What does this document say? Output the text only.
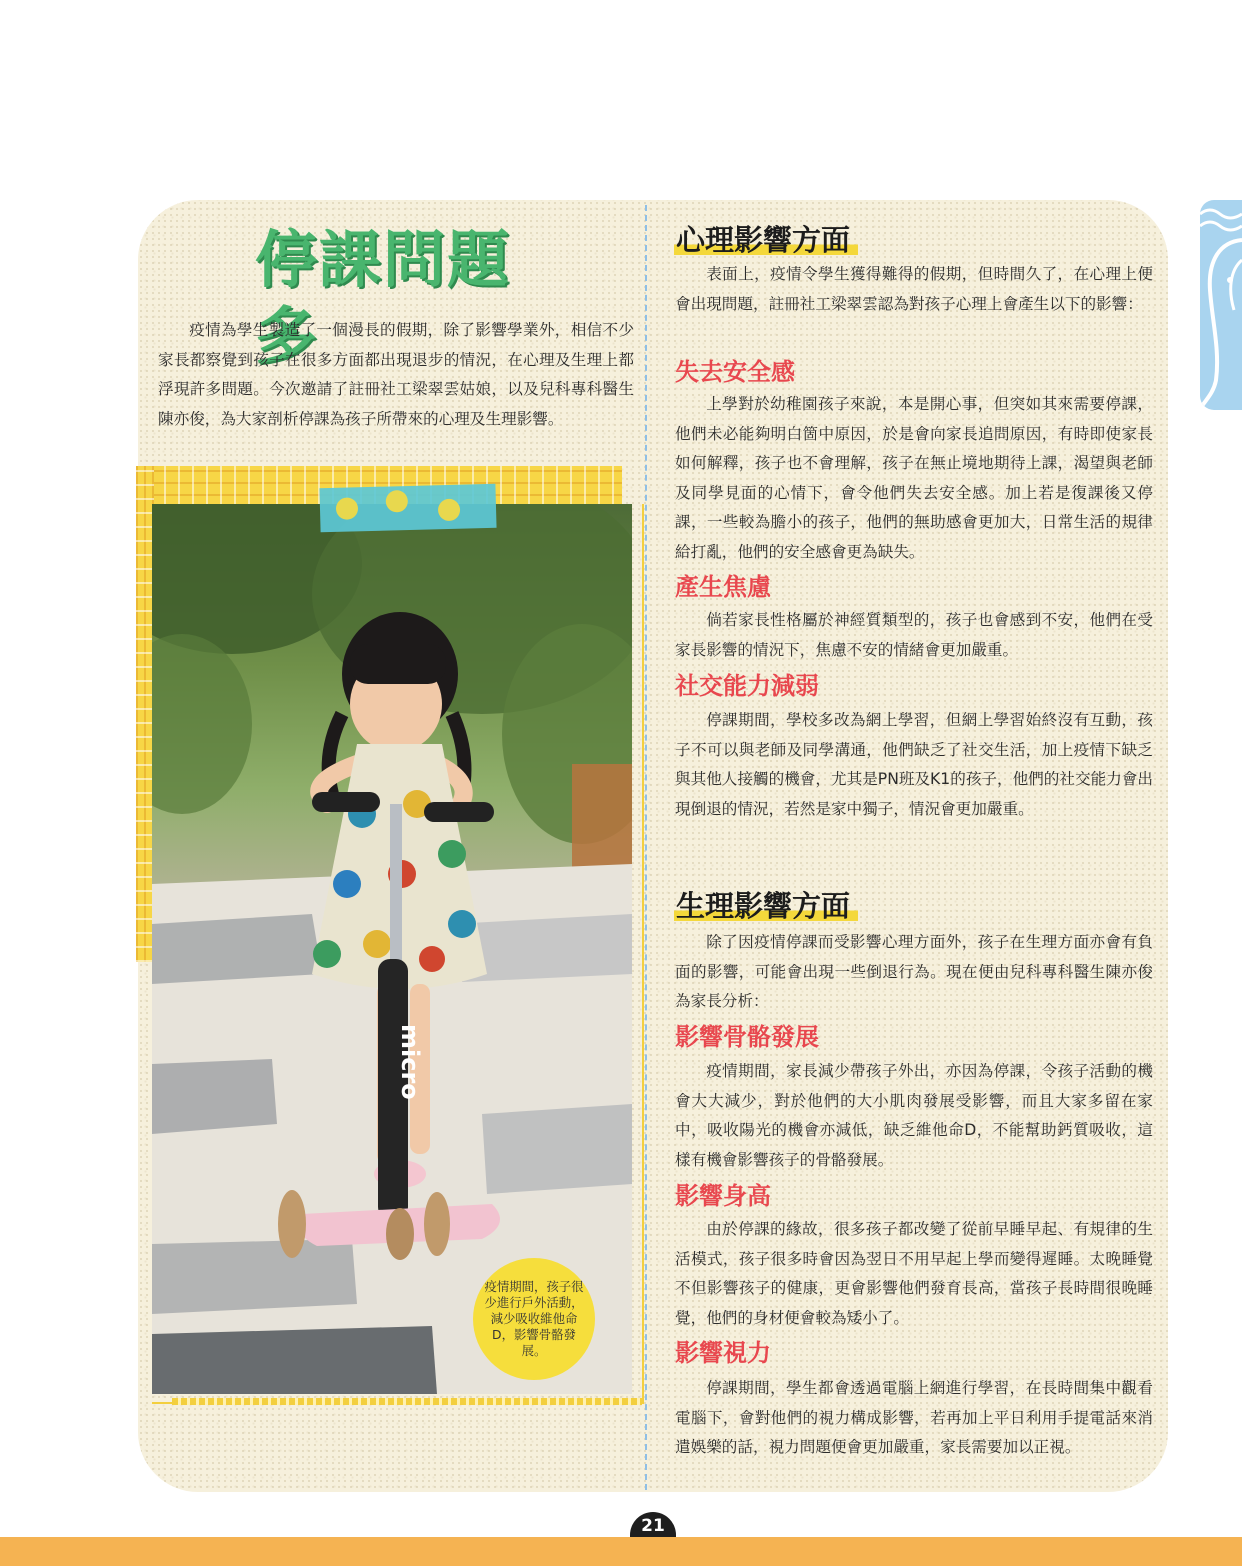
停課問題多

疫情為學生製造了一個漫長的假期，除了影響學業外，相信不少家長都察覺到孩子在很多方面都出現退步的情況，在心理及生理上都浮現許多問題。今次邀請了註冊社工梁翠雲姑娘，以及兒科專科醫生陳亦俊，為大家剖析停課為孩子所帶來的心理及生理影響。

micro
疫情期間，孩子很少進行戶外活動，減少吸收維他命D，影響骨骼發展。
心理影響方面

表面上，疫情令學生獲得難得的假期，但時間久了，在心理上便會出現問題，註冊社工梁翠雲認為對孩子心理上會產生以下的影響：

失去安全感

上學對於幼稚園孩子來說，本是開心事，但突如其來需要停課，他們未必能夠明白箇中原因，於是會向家長追問原因，有時即使家長如何解釋，孩子也不會理解，孩子在無止境地期待上課，渴望與老師及同學見面的心情下，會令他們失去安全感。加上若是復課後又停課，一些較為膽小的孩子，他們的無助感會更加大，日常生活的規律給打亂，他們的安全感會更為缺失。

產生焦慮

倘若家長性格屬於神經質類型的，孩子也會感到不安，他們在受家長影響的情況下，焦慮不安的情緒會更加嚴重。

社交能力減弱

停課期間，學校多改為網上學習，但網上學習始終沒有互動，孩子不可以與老師及同學溝通，他們缺乏了社交生活，加上疫情下缺乏與其他人接觸的機會，尤其是PN班及K1的孩子，他們的社交能力會出現倒退的情況，若然是家中獨子，情況會更加嚴重。

生理影響方面

除了因疫情停課而受影響心理方面外，孩子在生理方面亦會有負面的影響，可能會出現一些倒退行為。現在便由兒科專科醫生陳亦俊為家長分析：

影響骨骼發展

疫情期間，家長減少帶孩子外出，亦因為停課，令孩子活動的機會大大減少，對於他們的大小肌肉發展受影響，而且大家多留在家中，吸收陽光的機會亦減低，缺乏維他命D，不能幫助鈣質吸收，這樣有機會影響孩子的骨骼發展。

影響身高

由於停課的緣故，很多孩子都改變了從前早睡早起、有規律的生活模式，孩子很多時會因為翌日不用早起上學而變得遲睡。太晚睡覺不但影響孩子的健康，更會影響他們發育長高，當孩子長時間很晚睡覺，他們的身材便會較為矮小了。

影響視力

停課期間，學生都會透過電腦上網進行學習，在長時間集中觀看電腦下，會對他們的視力構成影響，若再加上平日利用手提電話來消遣娛樂的話，視力問題便會更加嚴重，家長需要加以正視。

21
